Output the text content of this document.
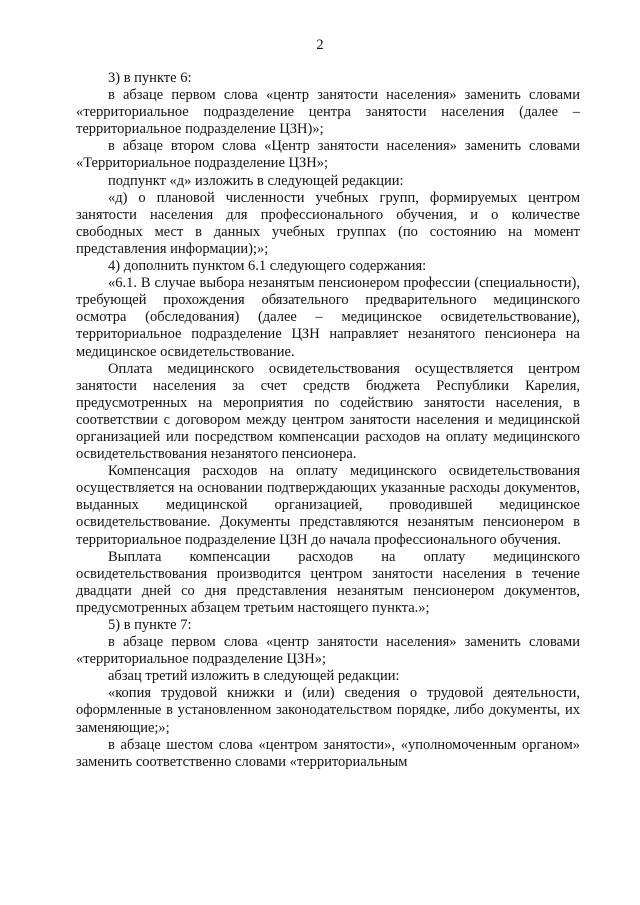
2

3) в пункте 6:

в абзаце первом слова «центр занятости населения» заменить словами «территориальное подразделение центра занятости населения (далее – территориальное подразделение ЦЗН)»;

в абзаце втором слова «Центр занятости населения» заменить словами «Территориальное подразделение ЦЗН»;

подпункт «д» изложить в следующей редакции:

«д) о плановой численности учебных групп, формируемых центром занятости населения для профессионального обучения, и о количестве свободных мест в данных учебных группах (по состоянию на момент представления информации);»;

4) дополнить пунктом 6.1 следующего содержания:

«6.1. В случае выбора незанятым пенсионером профессии (специальности), требующей прохождения обязательного предварительного медицинского осмотра (обследования) (далее – медицинское освидетельствование), территориальное подразделение ЦЗН направляет незанятого пенсионера на медицинское освидетельствование.

Оплата медицинского освидетельствования осуществляется центром занятости населения за счет средств бюджета Республики Карелия, предусмотренных на мероприятия по содействию занятости населения, в соответствии с договором между центром занятости населения и медицинской организацией или посредством компенсации расходов на оплату медицинского освидетельствования незанятого пенсионера.

Компенсация расходов на оплату медицинского освидетельствования осуществляется на основании подтверждающих указанные расходы документов, выданных медицинской организацией, проводившей медицинское освидетельствование. Документы представляются незанятым пенсионером в территориальное подразделение ЦЗН до начала профессионального обучения.

Выплата компенсации расходов на оплату медицинского освидетельствования производится центром занятости населения в течение двадцати дней со дня представления незанятым пенсионером документов, предусмотренных абзацем третьим настоящего пункта.»;

5) в пункте 7:

в абзаце первом слова «центр занятости населения» заменить словами «территориальное подразделение ЦЗН»;

абзац третий изложить в следующей редакции:

«копия трудовой книжки и (или) сведения о трудовой деятельности, оформленные в установленном законодательством порядке, либо документы, их заменяющие;»;

в абзаце шестом слова «центром занятости», «уполномоченным органом» заменить соответственно словами «территориальным
